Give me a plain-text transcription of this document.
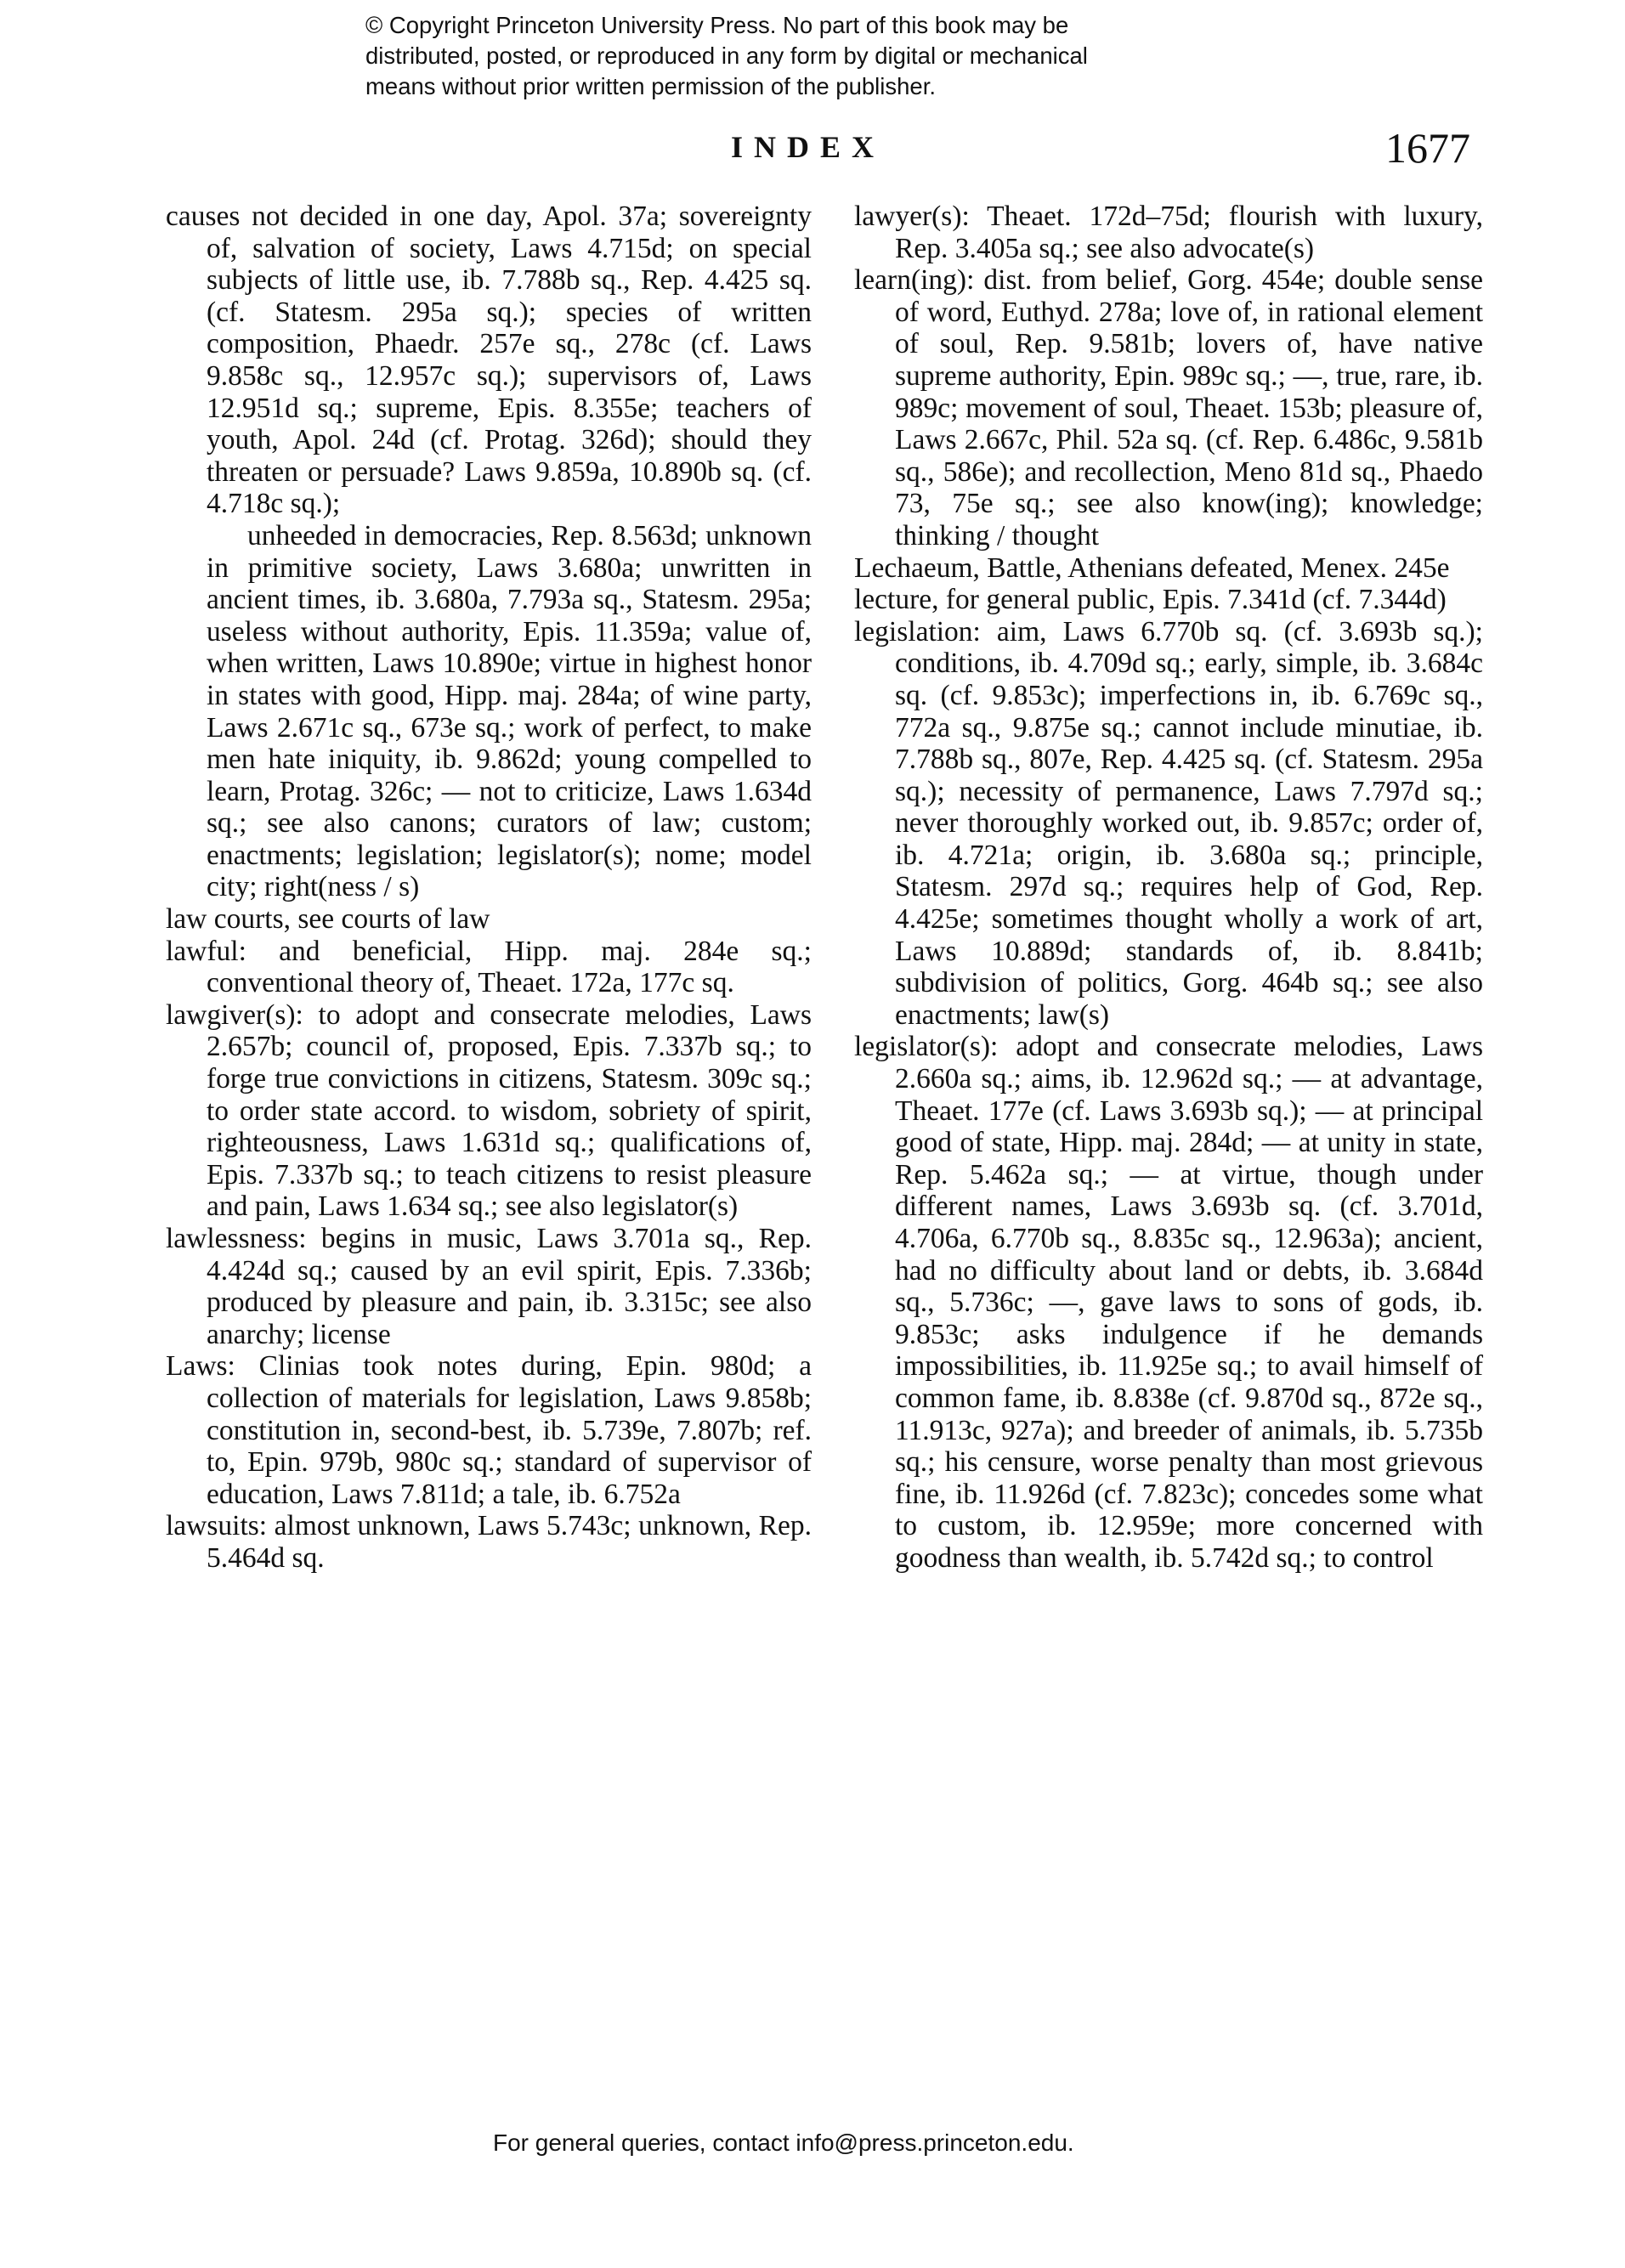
© Copyright Princeton University Press. No part of this book may be
distributed, posted, or reproduced in any form by digital or mechanical
means without prior written permission of the publisher.
INDEX	1677

causes not decided in one day, Apol. 37a; sovereignty of, salvation of society, Laws 4.715d; on special subjects of little use, ib. 7.788b sq., Rep. 4.425 sq. (cf. Statesm. 295a sq.); species of written composition, Phaedr. 257e sq., 278c (cf. Laws 9.858c sq., 12.957c sq.); supervisors of, Laws 12.951d sq.; supreme, Epis. 8.355e; teachers of youth, Apol. 24d (cf. Protag. 326d); should they threaten or persuade? Laws 9.859a, 10.890b sq. (cf. 4.718c sq.);

unheeded in democracies, Rep. 8.563d; unknown in primitive society, Laws 3.680a; unwritten in ancient times, ib. 3.680a, 7.793a sq., Statesm. 295a; useless without authority, Epis. 11.359a; value of, when written, Laws 10.890e; virtue in highest honor in states with good, Hipp. maj. 284a; of wine party, Laws 2.671c sq., 673e sq.; work of perfect, to make men hate iniquity, ib. 9.862d; young compelled to learn, Protag. 326c; — not to criticize, Laws 1.634d sq.; see also canons; curators of law; custom; enactments; legislation; legislator(s); nome; model city; right(ness / s)

law courts, see courts of law

lawful: and beneficial, Hipp. maj. 284e sq.; conventional theory of, Theaet. 172a, 177c sq.

lawgiver(s): to adopt and consecrate melodies, Laws 2.657b; council of, proposed, Epis. 7.337b sq.; to forge true convictions in citizens, Statesm. 309c sq.; to order state accord. to wisdom, sobriety of spirit, righteousness, Laws 1.631d sq.; qualifications of, Epis. 7.337b sq.; to teach citizens to resist pleasure and pain, Laws 1.634 sq.; see also legislator(s)

lawlessness: begins in music, Laws 3.701a sq., Rep. 4.424d sq.; caused by an evil spirit, Epis. 7.336b; produced by pleasure and pain, ib. 3.315c; see also anarchy; license

Laws: Clinias took notes during, Epin. 980d; a collection of materials for legislation, Laws 9.858b; constitution in, second-best, ib. 5.739e, 7.807b; ref. to, Epin. 979b, 980c sq.; standard of supervisor of education, Laws 7.811d; a tale, ib. 6.752a

lawsuits: almost unknown, Laws 5.743c; unknown, Rep. 5.464d sq.

lawyer(s): Theaet. 172d–75d; flourish with luxury, Rep. 3.405a sq.; see also advocate(s)

learn(ing): dist. from belief, Gorg. 454e; double sense of word, Euthyd. 278a; love of, in rational element of soul, Rep. 9.581b; lovers of, have native supreme authority, Epin. 989c sq.; —, true, rare, ib. 989c; movement of soul, Theaet. 153b; pleasure of, Laws 2.667c, Phil. 52a sq. (cf. Rep. 6.486c, 9.581b sq., 586e); and recollection, Meno 81d sq., Phaedo 73, 75e sq.; see also know(ing); knowledge; thinking / thought

Lechaeum, Battle, Athenians defeated, Menex. 245e

lecture, for general public, Epis. 7.341d (cf. 7.344d)

legislation: aim, Laws 6.770b sq. (cf. 3.693b sq.); conditions, ib. 4.709d sq.; early, simple, ib. 3.684c sq. (cf. 9.853c); imperfections in, ib. 6.769c sq., 772a sq., 9.875e sq.; cannot include minutiae, ib. 7.788b sq., 807e, Rep. 4.425 sq. (cf. Statesm. 295a sq.); necessity of permanence, Laws 7.797d sq.; never thoroughly worked out, ib. 9.857c; order of, ib. 4.721a; origin, ib. 3.680a sq.; principle, Statesm. 297d sq.; requires help of God, Rep. 4.425e; sometimes thought wholly a work of art, Laws 10.889d; standards of, ib. 8.841b; subdivision of politics, Gorg. 464b sq.; see also enactments; law(s)

legislator(s): adopt and consecrate melodies, Laws 2.660a sq.; aims, ib. 12.962d sq.; — at advantage, Theaet. 177e (cf. Laws 3.693b sq.); — at principal good of state, Hipp. maj. 284d; — at unity in state, Rep. 5.462a sq.; — at virtue, though under different names, Laws 3.693b sq. (cf. 3.701d, 4.706a, 6.770b sq., 8.835c sq., 12.963a); ancient, had no difficulty about land or debts, ib. 3.684d sq., 5.736c; —, gave laws to sons of gods, ib. 9.853c; asks indulgence if he demands impossibilities, ib. 11.925e sq.; to avail himself of common fame, ib. 8.838e (cf. 9.870d sq., 872e sq., 11.913c, 927a); and breeder of animals, ib. 5.735b sq.; his censure, worse penalty than most grievous fine, ib. 11.926d (cf. 7.823c); concedes some what to custom, ib. 12.959e; more concerned with goodness than wealth, ib. 5.742d sq.; to control

For general queries, contact info@press.princeton.edu.
